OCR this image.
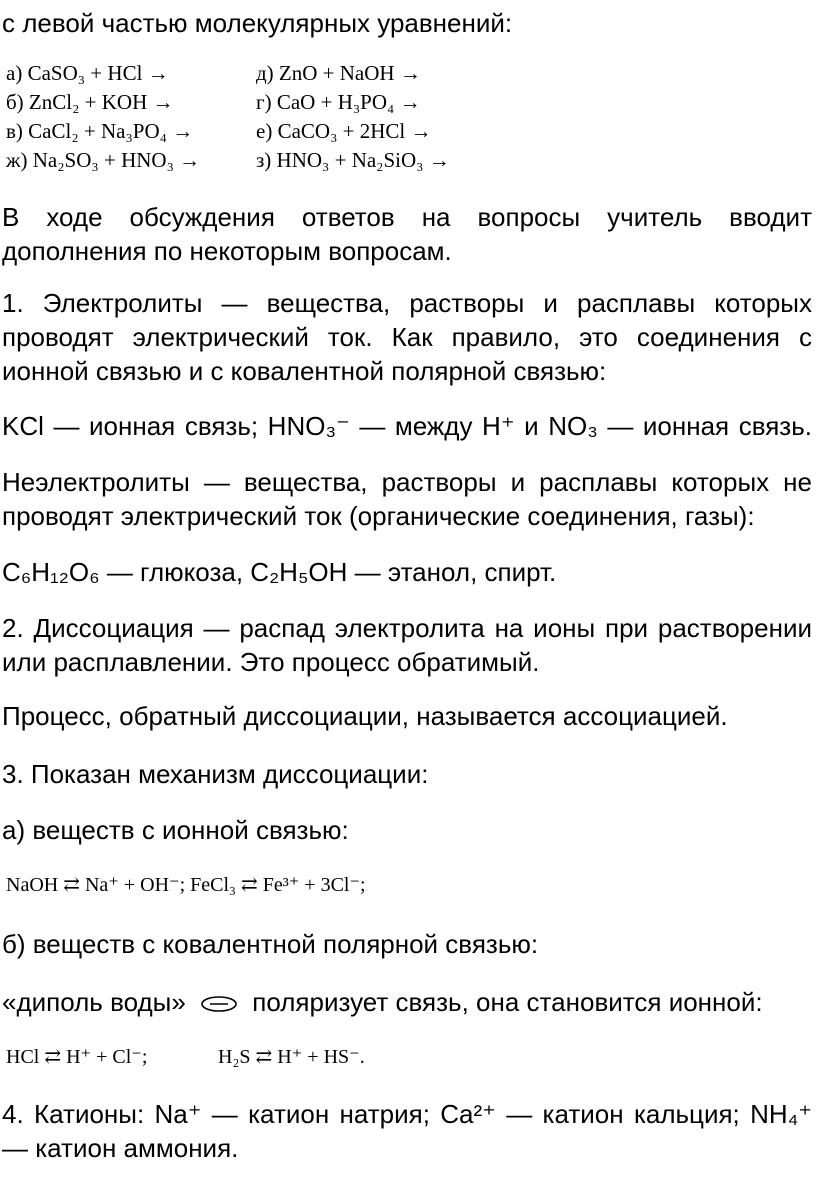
с левой частью молекулярных уравнений:
а) CaSO₃ + HCl →
б) ZnCl₂ + KOH →
в) CaCl₂ + Na₃PO₄ →
ж) Na₂SO₃ + HNO₃ →
д) ZnO + NaOH →
г) CaO + H₃PO₄ →
е) CaCO₃ + 2HCl →
з) HNO₃ + Na₂SiO₃ →
В ходе обсуждения ответов на вопросы учитель вводит дополнения по некоторым вопросам.
1. Электролиты — вещества, растворы и расплавы которых проводят электрический ток. Как правило, это соединения с ионной связью и с ковалентной полярной связью:
KCl — ионная связь; HNO₃⁻ — между H⁺ и NO₃ — ионная связь.
Неэлектролиты — вещества, растворы и расплавы которых не проводят электрический ток (органические соединения, газы):
C₆H₁₂O₆ — глюкоза, C₂H₅OH — этанол, спирт.
2. Диссоциация — распад электролита на ионы при растворении или расплавлении. Это процесс обратимый.
Процесс, обратный диссоциации, называется ассоциацией.
3. Показан механизм диссоциации:
а) веществ с ионной связью:
NaOH ⇄ Na⁺ + OH⁻; FeCl₃ ⇄ Fe³⁺ + 3Cl⁻;
б) веществ с ковалентной полярной связью:
«диполь воды»	поляризует связь, она становится ионной:
HCl ⇄ H⁺ + Cl⁻;	H₂S ⇄ H⁺ + HS⁻.
4. Катионы: Na⁺ — катион натрия; Ca²⁺ — катион кальция; NH₄⁺ — катион аммония.
